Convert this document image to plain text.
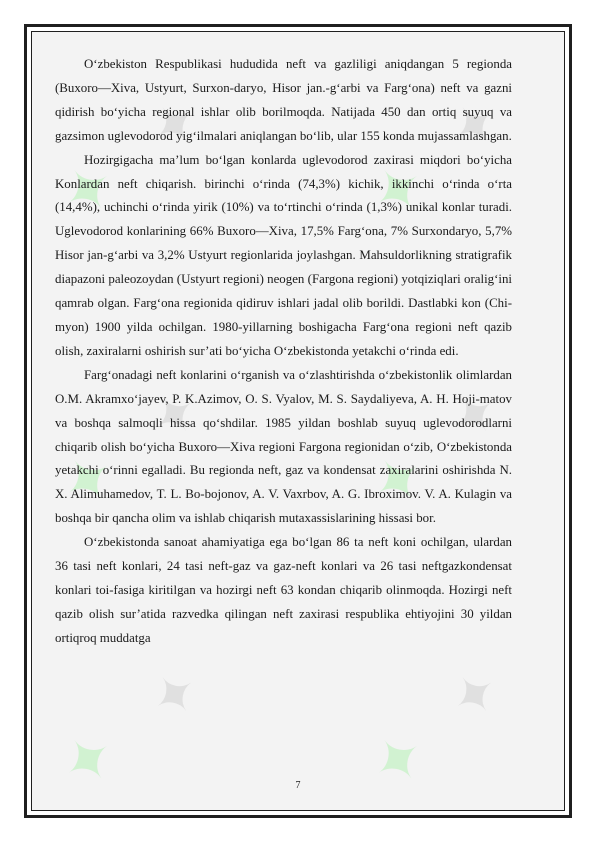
✦
✦
✦
✦
✦
✦
✦
✦
✦
✦
✦
✦

O‘zbekiston Respublikasi hududida neft va gazliligi aniqdangan 5 regionda (Buxoro—Xiva, Ustyurt, Surxon-daryo, Hisor jan.-g‘arbi va Farg‘ona) neft va gazni qidirish bo‘yicha regional ishlar olib borilmoqda. Natijada 450 dan ortiq suyuq va gazsimon uglevodorod yig‘ilmalari aniqlangan bo‘lib, ular 155 konda mujassamlashgan.

Hozirgigacha ma’lum bo‘lgan konlarda uglevodorod zaxirasi miqdori bo‘yicha Konlardan neft chiqarish. birinchi o‘rinda (74,3%) kichik, ikkinchi o‘rinda o‘rta (14,4%), uchinchi o‘rinda yirik (10%) va to‘rtinchi o‘rinda (1,3%) unikal konlar turadi. Uglevodorod konlarining 66% Buxoro—Xiva, 17,5% Farg‘ona, 7% Surxondaryo, 5,7% Hisor jan-g‘arbi va 3,2% Ustyurt regionlarida joylashgan. Mahsuldorlikning stratigrafik diapazoni paleozoydan (Ustyurt regioni) neogen (Fargona regioni) yotqiziqlari oralig‘ini qamrab olgan. Farg‘ona regionida qidiruv ishlari jadal olib borildi. Dastlabki kon (Chi-myon) 1900 yilda ochilgan. 1980-yillarning boshigacha Farg‘ona regioni neft qazib olish, zaxiralarni oshirish sur’ati bo‘yicha O‘zbekistonda yetakchi o‘rinda edi.

Farg‘onadagi neft konlarini o‘rganish va o‘zlashtirishda o‘zbekistonlik olimlardan O.M. Akramxo‘jayev, P. K.Azimov, O. S. Vyalov, M. S. Saydaliyeva, A. H. Hoji-matov va boshqa salmoqli hissa qo‘shdilar. 1985 yildan boshlab suyuq uglevodorodlarni chiqarib olish bo‘yicha Buxoro—Xiva regioni Fargona regionidan o‘zib, O‘zbekistonda yetakchi o‘rinni egalladi. Bu regionda neft, gaz va kondensat zaxiralarini oshirishda N. X. Alimuhamedov, T. L. Bo-bojonov, A. V. Vaxrbov, A. G. Ibroximov. V. A. Kulagin va boshqa bir qancha olim va ishlab chiqarish mutaxassislarining hissasi bor.

O‘zbekistonda sanoat ahamiyatiga ega bo‘lgan 86 ta neft koni ochilgan, ulardan 36 tasi neft konlari, 24 tasi neft-gaz va gaz-neft konlari va 26 tasi neftgazkondensat konlari toi-fasiga kiritilgan va hozirgi neft 63 kondan chiqarib olinmoqda. Hozirgi neft qazib olish sur’atida razvedka qilingan neft zaxirasi respublika ehtiyojini 30 yildan ortiqroq muddatga

7
